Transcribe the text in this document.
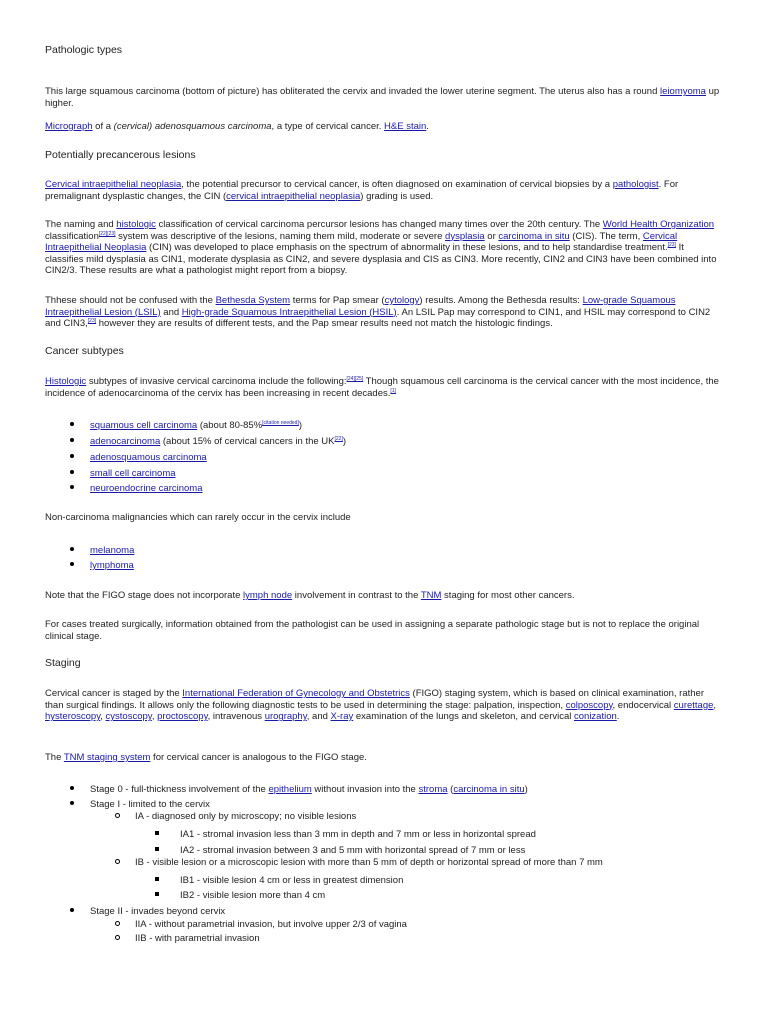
Pathologic types

This large squamous carcinoma (bottom of picture) has obliterated the cervix and invaded the lower uterine segment. The uterus also has a round leiomyoma up higher.

Micrograph of a (cervical) adenosquamous carcinoma, a type of cervical cancer. H&E stain.

Potentially precancerous lesions

Cervical intraepithelial neoplasia, the potential precursor to cervical cancer, is often diagnosed on examination of cervical biopsies by a pathologist. For premalignant dysplastic changes, the CIN (cervical intraepithelial neoplasia) grading is used.

The naming and histologic classification of cervical carcinoma percursor lesions has changed many times over the 20th century. The World Health Organization classification[22][23] system was descriptive of the lesions, naming them mild, moderate or severe dysplasia or carcinoma in situ (CIS). The term, Cervical Intraepithelial Neoplasia (CIN) was developed to place emphasis on the spectrum of abnormality in these lesions, and to help standardise treatment.[23] It classifies mild dysplasia as CIN1, moderate dysplasia as CIN2, and severe dysplasia and CIS as CIN3. More recently, CIN2 and CIN3 have been combined into CIN2/3. These results are what a pathologist might report from a biopsy.

Thhese should not be confused with the Bethesda System terms for Pap smear (cytology) results. Among the Bethesda results: Low-grade Squamous Intraepithelial Lesion (LSIL) and High-grade Squamous Intraepithelial Lesion (HSIL). An LSIL Pap may correspond to CIN1, and HSIL may correspond to CIN2 and CIN3,[23] however they are results of different tests, and the Pap smear results need not match the histologic findings.

Cancer subtypes

Histologic subtypes of invasive cervical carcinoma include the following:[24][25] Though squamous cell carcinoma is the cervical cancer with the most incidence, the incidence of adenocarcinoma of the cervix has been increasing in recent decades.[1]

squamous cell carcinoma (about 80-85%[citation needed])
adenocarcinoma (about 15% of cervical cancers in the UK[22])
adenosquamous carcinoma
small cell carcinoma
neuroendocrine carcinoma

Non-carcinoma malignancies which can rarely occur in the cervix include

melanoma
lymphoma

Note that the FIGO stage does not incorporate lymph node involvement in contrast to the TNM staging for most other cancers.

For cases treated surgically, information obtained from the pathologist can be used in assigning a separate pathologic stage but is not to replace the original clinical stage.

Staging

Cervical cancer is staged by the International Federation of Gynecology and Obstetrics (FIGO) staging system, which is based on clinical examination, rather than surgical findings. It allows only the following diagnostic tests to be used in determining the stage: palpation, inspection, colposcopy, endocervical curettage, hysteroscopy, cystoscopy, proctoscopy, intravenous urography, and X-ray examination of the lungs and skeleton, and cervical conization.

The TNM staging system for cervical cancer is analogous to the FIGO stage.

Stage 0 - full-thickness involvement of the epithelium without invasion into the stroma (carcinoma in situ)
Stage I - limited to the cervix
IA - diagnosed only by microscopy; no visible lesions
IA1 - stromal invasion less than 3 mm in depth and 7 mm or less in horizontal spread
IA2 - stromal invasion between 3 and 5 mm with horizontal spread of 7 mm or less
IB - visible lesion or a microscopic lesion with more than 5 mm of depth or horizontal spread of more than 7 mm
IB1 - visible lesion 4 cm or less in greatest dimension
IB2 - visible lesion more than 4 cm
Stage II - invades beyond cervix
IIA - without parametrial invasion, but involve upper 2/3 of vagina
IIB - with parametrial invasion
